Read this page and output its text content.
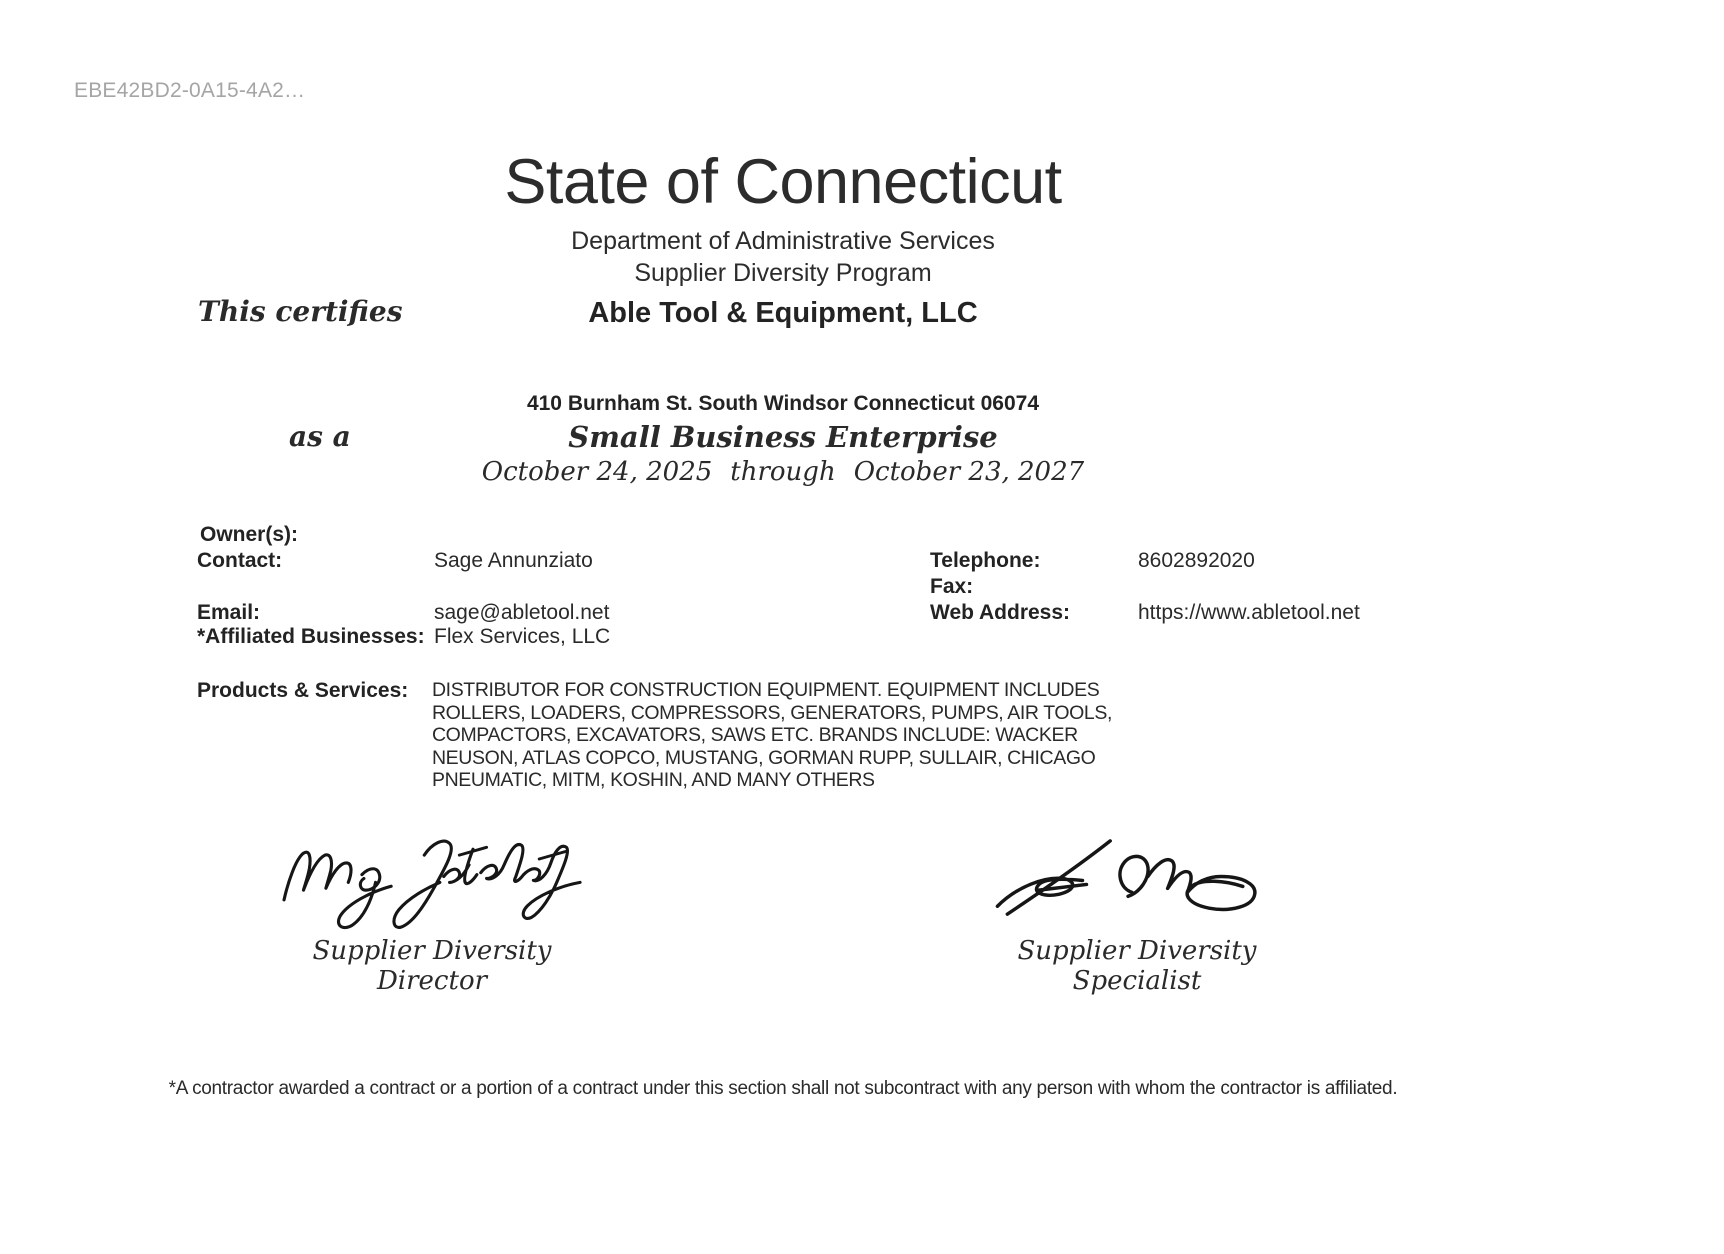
EBE42BD2-0A15-4A2…
State of Connecticut
Department of Administrative Services
Supplier Diversity Program
This certifies	Able Tool & Equipment, LLC
410 Burnham St. South Windsor Connecticut 06074
as a	Small Business Enterprise
October 24, 2025 through October 23, 2027
Owner(s):
Contact:	Sage Annunziato	Telephone:	8602892020
Fax:
Email:	sage@abletool.net	Web Address:	https://www.abletool.net
*Affiliated Businesses: Flex Services, LLC
Products & Services: DISTRIBUTOR FOR CONSTRUCTION EQUIPMENT. EQUIPMENT INCLUDES
ROLLERS, LOADERS, COMPRESSORS, GENERATORS, PUMPS, AIR TOOLS,
COMPACTORS, EXCAVATORS, SAWS ETC. BRANDS INCLUDE: WACKER
NEUSON, ATLAS COPCO, MUSTANG, GORMAN RUPP, SULLAIR, CHICAGO
PNEUMATIC, MITM, KOSHIN, AND MANY OTHERS
Supplier Diversity Director
Supplier Diversity Specialist
*A contractor awarded a contract or a portion of a contract under this section shall not subcontract with any person with whom the contractor is affiliated.
